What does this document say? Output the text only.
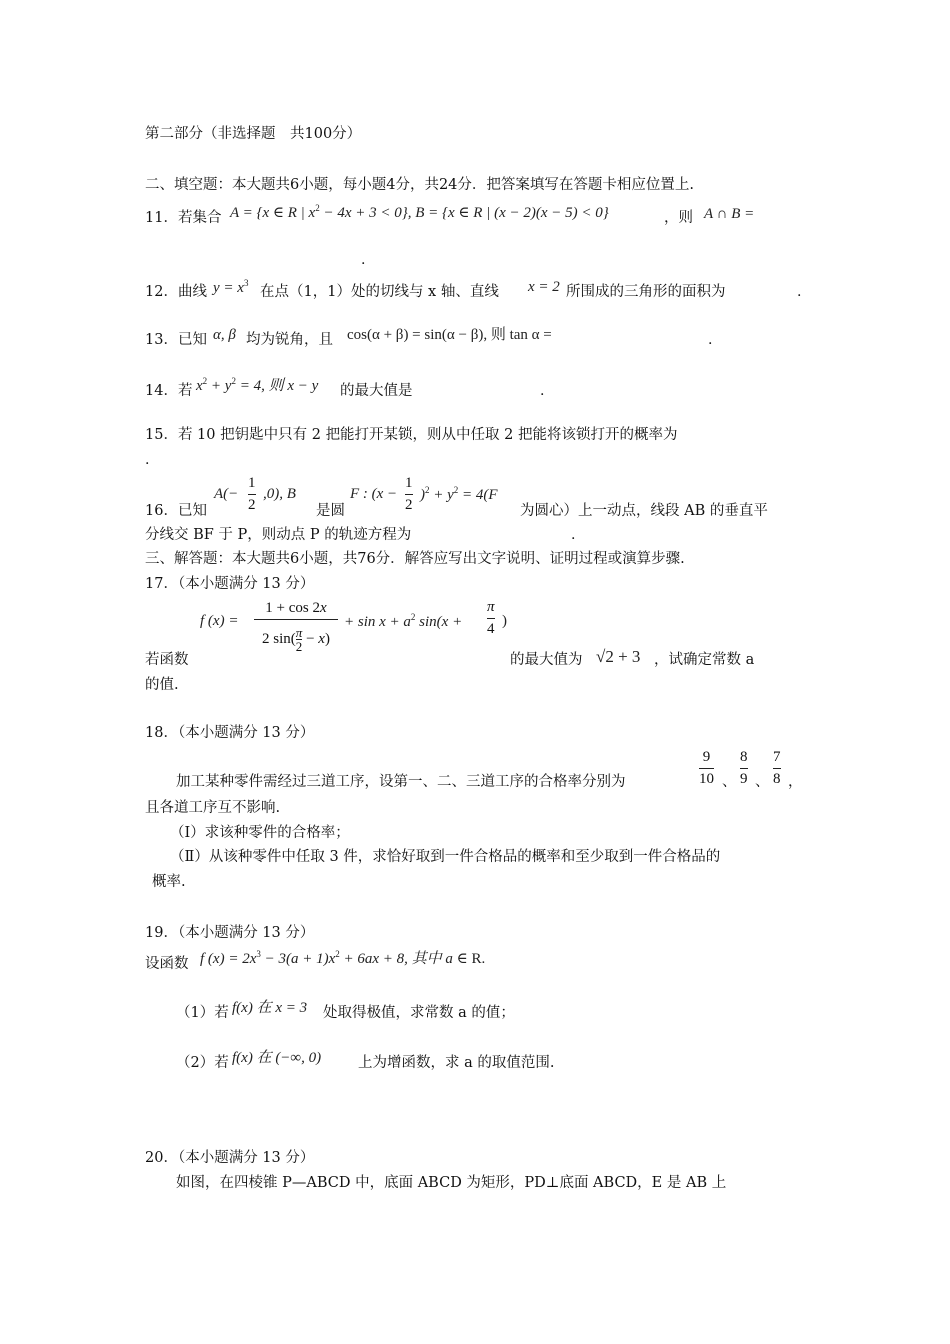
第二部分（非选择题　共100分）
二、填空题：本大题共6小题，每小题4分，共24分．把答案填写在答题卡相应位置上.
11．若集合 A = {x ∈ R | $x^2 - 4x + 3 < 0$}, B = {x ∈ R | (x − 2)(x − 5) < 0}	，则 A ∩ B =
.
12．曲线 $y = x^3$
在点（1，1）处的切线与 x 轴、直线 x = 2 所围成的三角形的面积为	.
13．已知 α, β 均为锐角，且 cos(α + β) = sin(α − β), 则 tan α =	.
14．若 $x^2 + y^2 = 4$, 则 x − y 的最大值是	.
15．若 10 把钥匙中只有 2 把能打开某锁，则从中任取 2 把能将该锁打开的概率为
.
$A(- \frac{1}{2} ,0)$, B	F : $(x - \frac{1}{2} )^2 + y^2 = 4(F$
16．已知	是圆	为圆心）上一动点，线段 AB 的垂直平
分线交 BF 于 P，则动点 P 的轨迹方程为	.
三、解答题：本大题共6小题，共76分．解答应写出文字说明、证明过程或演算步骤.
17．（本小题满分 13 分）
f $(x) = \frac{1 + \cos 2x}{2 \sin( \frac{\pi}{2} - x)} + \sin x + a^2$ $\sin(x + \frac{\pi}{4}$ )
若函数	的最大值为 √2 + 3 ，试确定常数 a
的值.
18．（本小题满分 13 分）
$\frac{9}{10}$ 、 $\frac{8}{9}$ 、 $\frac{7}{8}$ ，
加工某种零件需经过三道工序，设第一、二、三道工序的合格率分别为
且各道工序互不影响.
（Ⅰ）求该种零件的合格率；
（Ⅱ）从该种零件中任取 3 件，求恰好取到一件合格品的概率和至少取到一件合格品的
概率.
19．（本小题满分 13 分）
设函数 f $(x) = 2x^3 - 3(a + 1)x^2 + 6ax + 8$, 其中 a ∈ R.
（1）若 f(x) 在 x = 3 处取得极值，求常数 a 的值；
（2）若 f(x) 在 (−∞, 0)	上为增函数，求 a 的取值范围.
20．（本小题满分 13 分）
如图，在四棱锥 P—ABCD 中，底面 ABCD 为矩形，PD⊥底面 ABCD，E 是 AB 上
